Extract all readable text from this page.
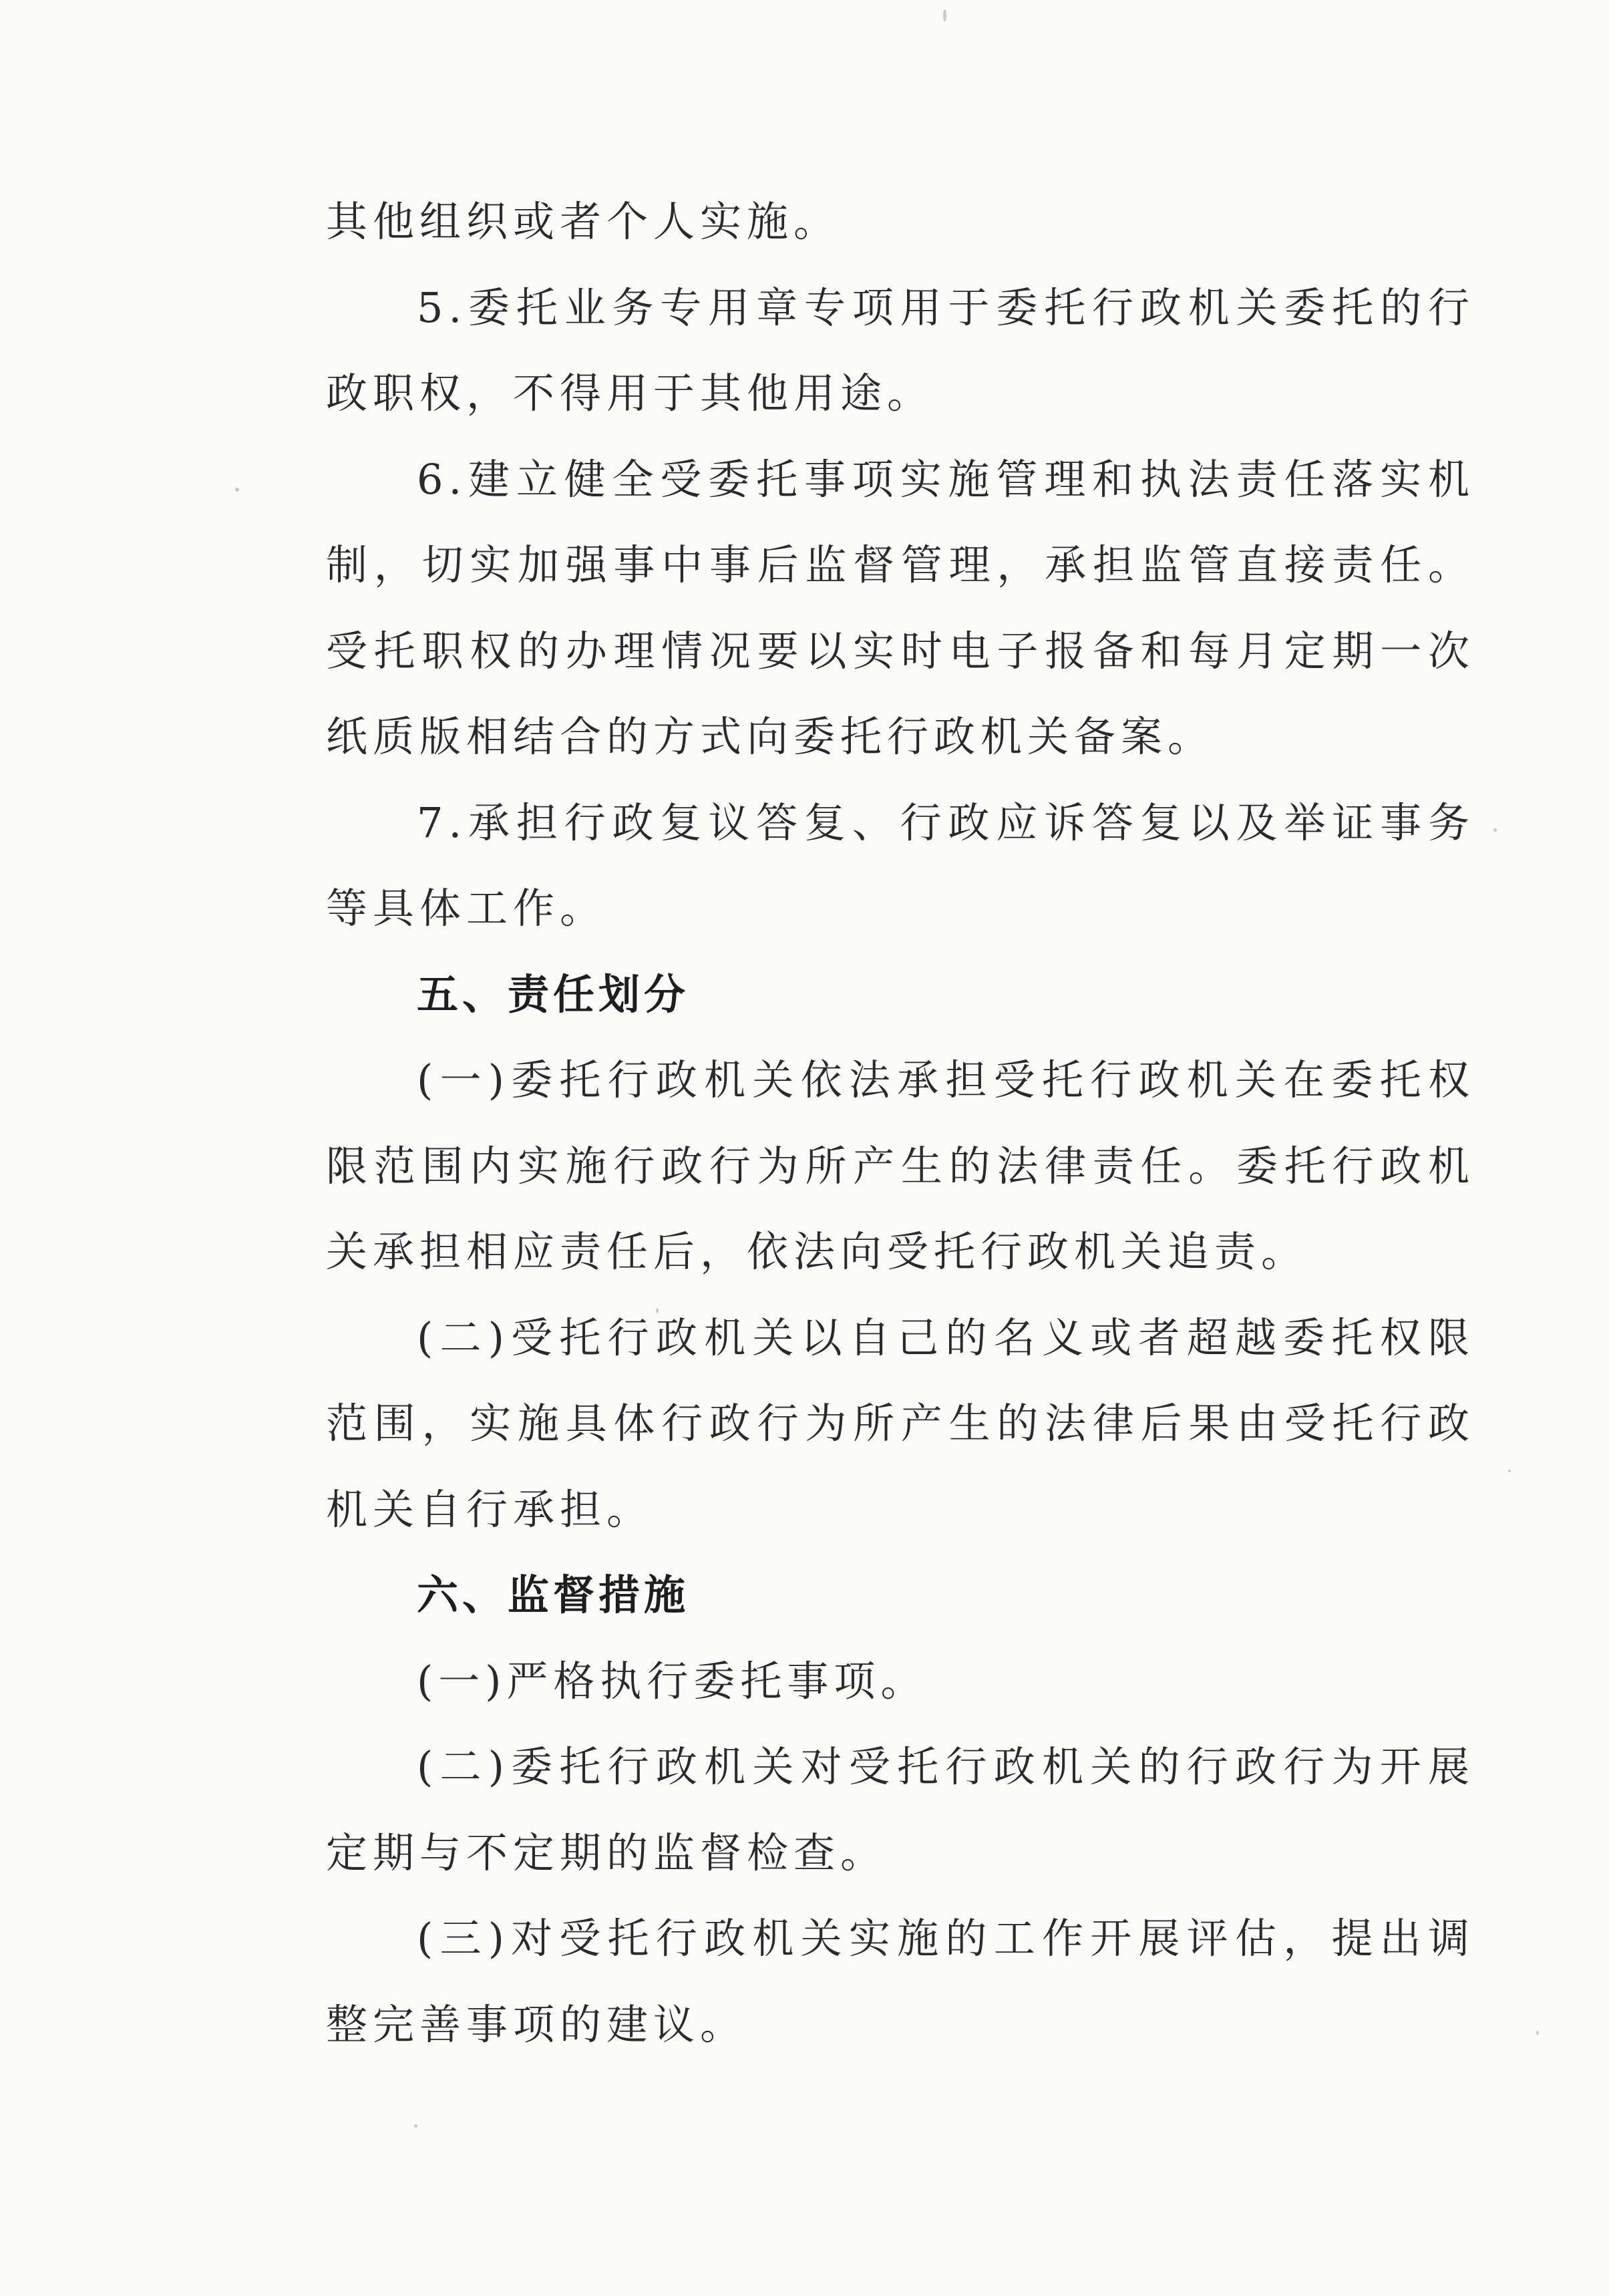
其他组织或者个人实施。

5.委托业务专用章专项用于委托行政机关委托的行政职权，不得用于其他用途。

6.建立健全受委托事项实施管理和执法责任落实机制，切实加强事中事后监督管理，承担监管直接责任。受托职权的办理情况要以实时电子报备和每月定期一次纸质版相结合的方式向委托行政机关备案。

7.承担行政复议答复、行政应诉答复以及举证事务等具体工作。

五、责任划分

(一)委托行政机关依法承担受托行政机关在委托权限范围内实施行政行为所产生的法律责任。委托行政机关承担相应责任后，依法向受托行政机关追责。

(二)受托行政机关以自己的名义或者超越委托权限范围，实施具体行政行为所产生的法律后果由受托行政机关自行承担。

六、监督措施

(一)严格执行委托事项。

(二)委托行政机关对受托行政机关的行政行为开展定期与不定期的监督检查。

(三)对受托行政机关实施的工作开展评估，提出调整完善事项的建议。
